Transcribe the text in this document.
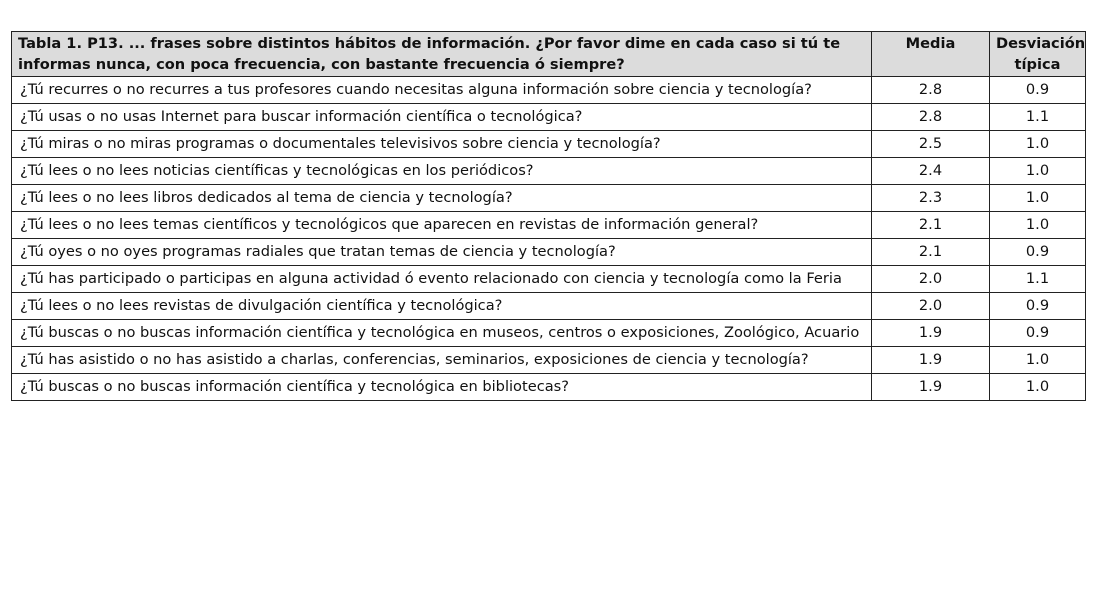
Tabla 1. P13. ... frases sobre distintos hábitos de información. ¿Por favor dime en cada caso si tú te informas nunca, con poca frecuencia, con bastante frecuencia ó siempre?	Media	Desviación típica
¿Tú recurres o no recurres a tus profesores cuando necesitas alguna información sobre ciencia y tecnología?	2.8	0.9
¿Tú usas o no usas Internet para buscar información científica o tecnológica?	2.8	1.1
¿Tú miras o no miras programas o documentales televisivos sobre ciencia y tecnología?	2.5	1.0
¿Tú lees o no lees noticias científicas y tecnológicas en los periódicos?	2.4	1.0
¿Tú lees o no lees libros dedicados al tema de ciencia y tecnología?	2.3	1.0
¿Tú lees o no lees temas científicos y tecnológicos que aparecen en revistas de información general?	2.1	1.0
¿Tú oyes o no oyes programas radiales que tratan temas de ciencia y tecnología?	2.1	0.9
¿Tú has participado o participas en alguna actividad ó evento relacionado con ciencia y tecnología como la Feria	2.0	1.1
¿Tú lees o no lees revistas de divulgación científica y tecnológica?	2.0	0.9
¿Tú buscas o no buscas información científica y tecnológica en museos, centros o exposiciones, Zoológico, Acuario	1.9	0.9
¿Tú has asistido o no has asistido a charlas, conferencias, seminarios, exposiciones de ciencia y tecnología?	1.9	1.0
¿Tú buscas o no buscas información científica y tecnológica en bibliotecas?	1.9	1.0
